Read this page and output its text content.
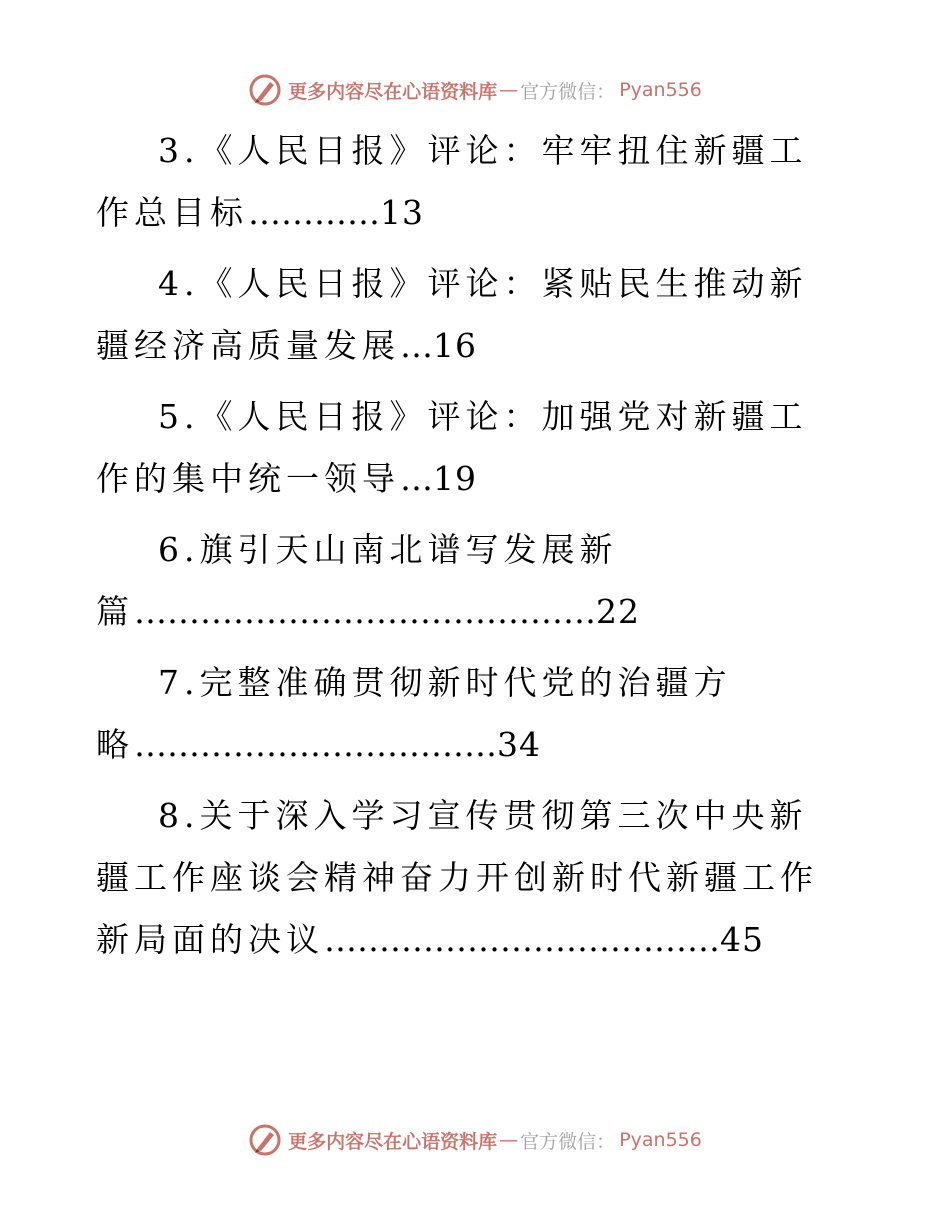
更多内容尽在心语资料库 — 官方微信： Pyan556

3.《人民日报》评论：牢牢扭住新疆工作总目标…………13

4.《人民日报》评论：紧贴民生推动新疆经济高质量发展…16

5.《人民日报》评论：加强党对新疆工作的集中统一领导…19

6.旗引天山南北谱写发展新篇……………………………………22

7.完整准确贯彻新时代党的治疆方略……………………………34

8.关于深入学习宣传贯彻第三次中央新疆工作座谈会精神奋力开创新时代新疆工作新局面的决议………………………………45

更多内容尽在心语资料库 — 官方微信： Pyan556
